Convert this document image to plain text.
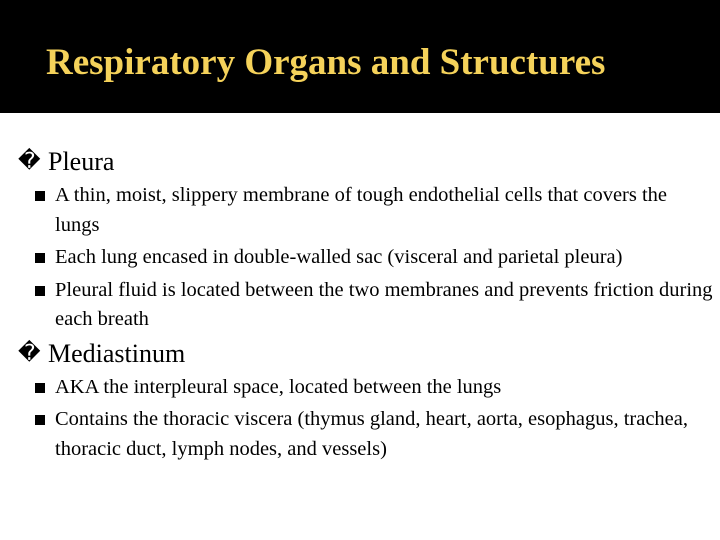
Respiratory Organs and Structures
� Pleura
A thin, moist, slippery membrane of tough endothelial cells that covers the lungs
Each lung encased in double-walled sac (visceral and parietal pleura)
Pleural fluid is located between the two membranes and prevents friction during each breath
� Mediastinum
AKA the interpleural space, located between the lungs
Contains the thoracic viscera (thymus gland, heart, aorta, esophagus, trachea, thoracic duct, lymph nodes, and vessels)
